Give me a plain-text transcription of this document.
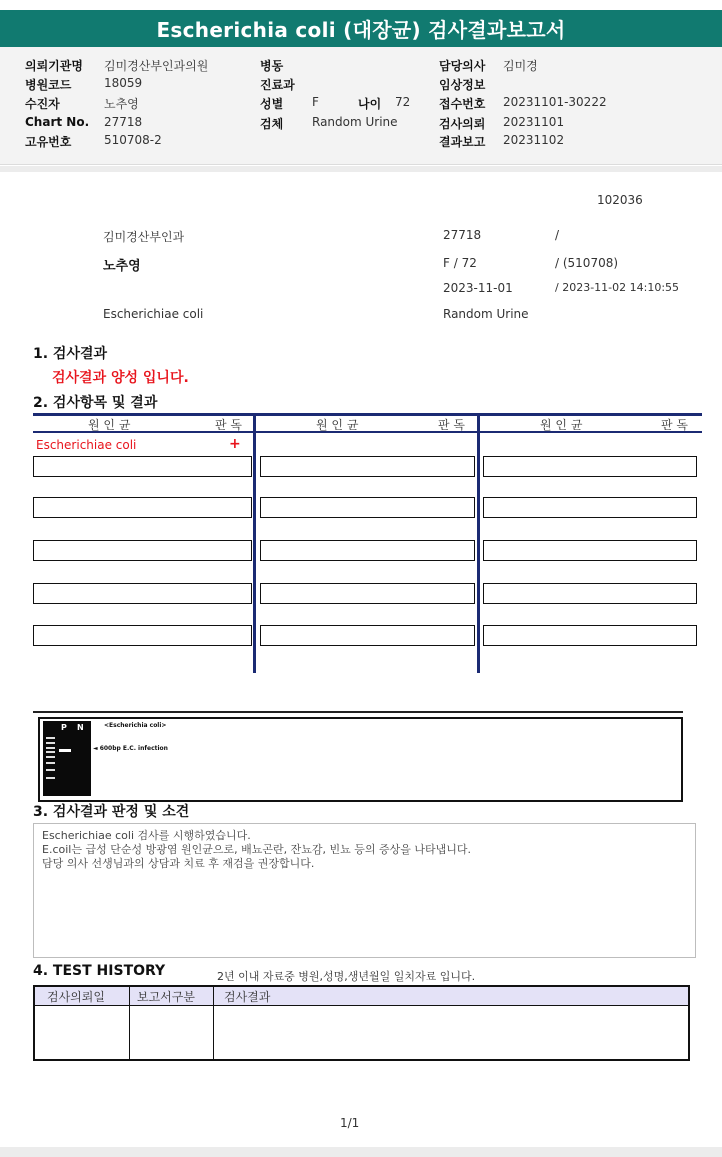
Escherichia coli (대장균) 검사결과보고서
의뢰기관명 김미경산부인과의원	병동	담당의사 김미경
병원코드	18059	진료과	임상정보
수진자	노추영	성별 F	나이 72 접수번호 20231101-30222
Chart No. 27718	검체 Random Urine	검사의뢰 20231101
고유번호	510708-2	결과보고 20231102
102036
김미경산부인과	27718	/
노추영	F / 72	/ (510708)
2023-11-01	/ 2023-11-02 14:10:55
Escherichiae coli	Random Urine
1. 검사결과
검사결과 양성 입니다.
2. 검사항목 및 결과
원 인 균	판 독	원 인 균	판 독	원 인 균	판 독
Escherichiae coli	+
P N	<Escherichia coli>
◄ 600bp E.C. infection
3. 검사결과 판정 및 소견
Escherichiae coli 검사를 시행하였습니다.
E.coil는 급성 단순성 방광염 원인균으로, 배뇨곤란, 잔뇨감, 빈뇨 등의 증상을 나타냅니다.
담당 의사 선생님과의 상담과 치료 후 재검을 권장합니다.
4. TEST HISTORY	2년 이내 자료중 병원,성명,생년월일 일치자료 입니다.
검사의뢰일	보고서구분 검사결과
1/1
